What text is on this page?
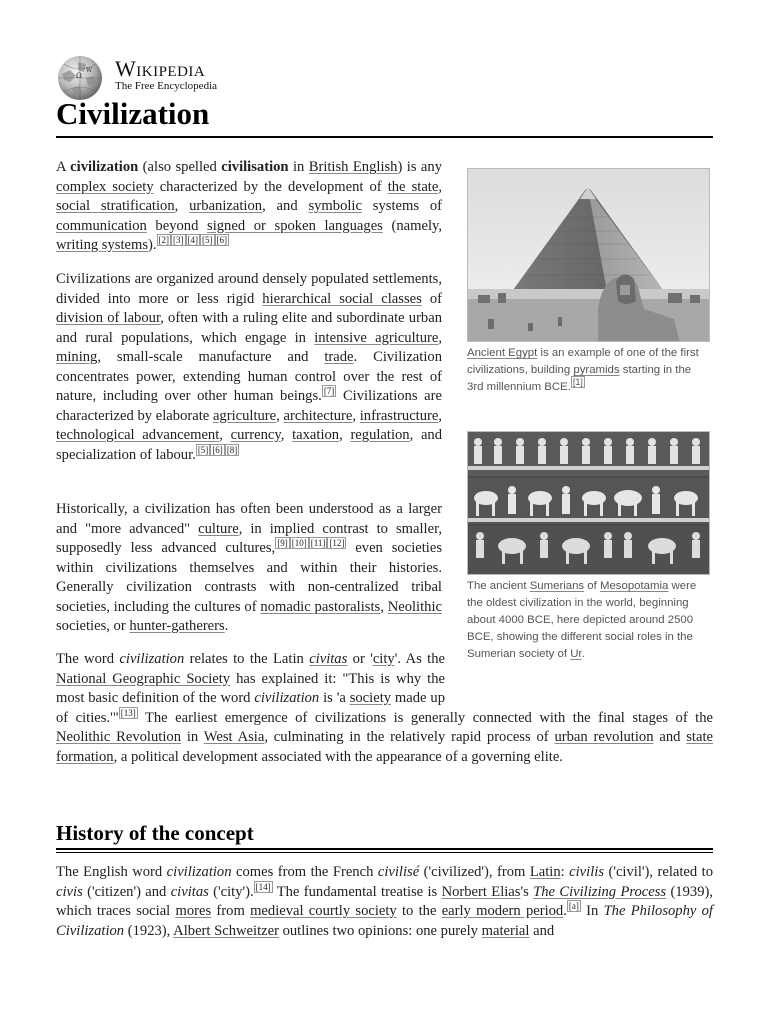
Ω
W Wikipedia
The Free Encyclopedia
Civilization
A civilization (also spelled civilisation in British English) is any complex society characterized by the development of the state, social stratification, urbanization, and symbolic systems of communication beyond signed or spoken languages (namely, writing systems). [2] [3] [4] [5] [6]
Civilizations are organized around densely populated settlements, divided into more or less rigid hierarchical social classes of division of labour, often with a ruling elite and subordinate urban and rural populations, which engage in intensive agriculture, mining, small-scale manufacture and trade. Civilization concentrates power, extending human control over the rest of nature, including over other human beings. [7] Civilizations are characterized by elaborate agriculture, architecture, infrastructure, technological advancement, currency, taxation, regulation, and specialization of labour. [5] [6] [8]
Historically, a civilization has often been understood as a larger and "more advanced" culture, in implied contrast to smaller, supposedly less advanced cultures, [9] [10] [11] [12] even societies within civilizations themselves and within their histories. Generally civilization contrasts with non-centralized tribal societies, including the cultures of nomadic pastoralists, Neolithic societies, or hunter-gatherers.
The word civilization relates to the Latin civitas or 'city'. As the National Geographic Society has explained it: "This is why the most basic definition of the word civilization is 'a society made up of cities.'" [13] The earliest emergence of civilizations is generally connected with the final stages of the Neolithic Revolution in West Asia, culminating in the relatively rapid process of urban revolution and state formation, a political development associated with the appearance of a governing elite.
History of the concept
The English word civilization comes from the French civilisé ('civilized'), from Latin: civilis ('civil'), related to civis ('citizen') and civitas ('city'). [14] The fundamental treatise is Norbert Elias's The Civilizing Process (1939), which traces social mores from medieval courtly society to the early modern period. [a] In The Philosophy of Civilization (1923), Albert Schweitzer outlines two opinions: one purely material and
Ancient Egypt is an example of one of the first civilizations, building pyramids starting in the 3rd millennium BCE. [1]
The ancient Sumerians of Mesopotamia were the oldest civilization in the world, beginning about 4000 BCE, here depicted around 2500 BCE, showing the different social roles in the Sumerian society of Ur.
